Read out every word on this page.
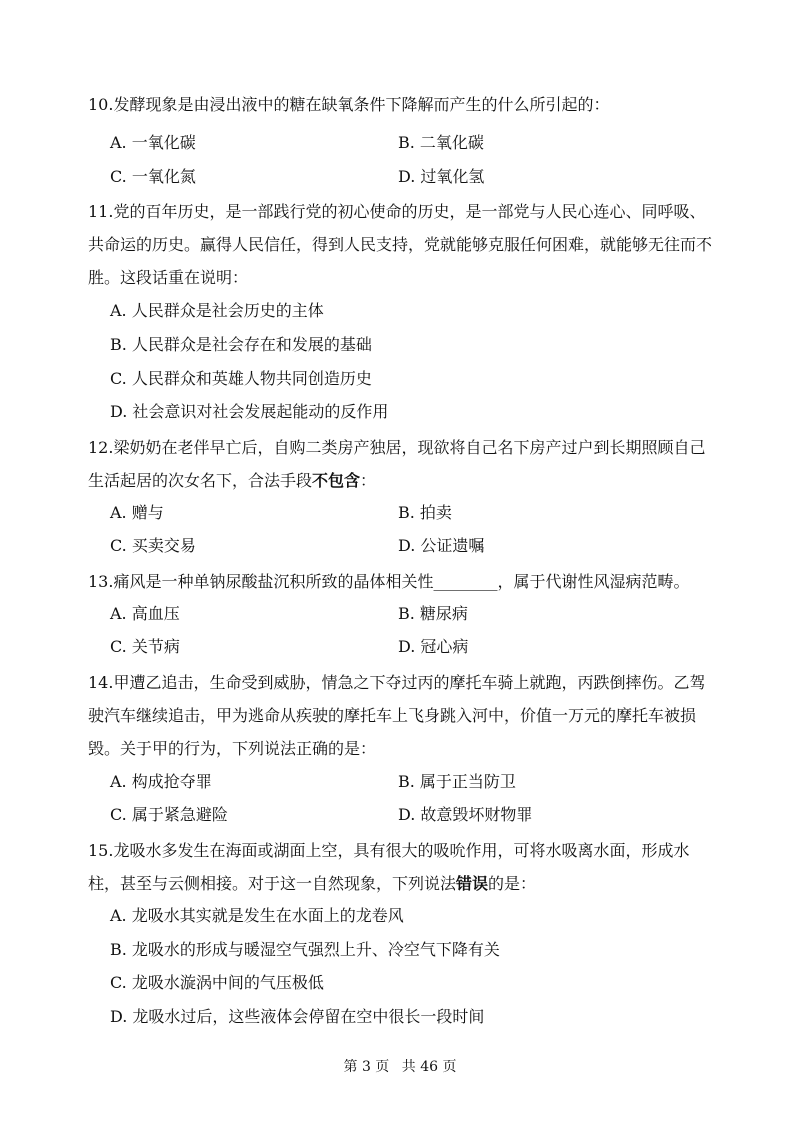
10.发酵现象是由浸出液中的糖在缺氧条件下降解而产生的什么所引起的：
A. 一氧化碳	B. 二氧化碳
C. 一氧化氮	D. 过氧化氢
11.党的百年历史，是一部践行党的初心使命的历史，是一部党与人民心连心、同呼吸、共命运的历史。赢得人民信任，得到人民支持，党就能够克服任何困难，就能够无往而不胜。这段话重在说明：
A. 人民群众是社会历史的主体
B. 人民群众是社会存在和发展的基础
C. 人民群众和英雄人物共同创造历史
D. 社会意识对社会发展起能动的反作用
12.梁奶奶在老伴早亡后，自购二类房产独居，现欲将自己名下房产过户到长期照顾自己生活起居的次女名下，合法手段不包含：
A. 赠与	B. 拍卖
C. 买卖交易	D. 公证遗嘱
13.痛风是一种单钠尿酸盐沉积所致的晶体相关性________，属于代谢性风湿病范畴。
A. 高血压	B. 糖尿病
C. 关节病	D. 冠心病
14.甲遭乙追击，生命受到威胁，情急之下夺过丙的摩托车骑上就跑，丙跌倒摔伤。乙驾驶汽车继续追击，甲为逃命从疾驶的摩托车上飞身跳入河中，价值一万元的摩托车被损毁。关于甲的行为，下列说法正确的是：
A. 构成抢夺罪	B. 属于正当防卫
C. 属于紧急避险	D. 故意毁坏财物罪
15.龙吸水多发生在海面或湖面上空，具有很大的吸吮作用，可将水吸离水面，形成水柱，甚至与云侧相接。对于这一自然现象，下列说法错误的是：
A. 龙吸水其实就是发生在水面上的龙卷风
B. 龙吸水的形成与暖湿空气强烈上升、冷空气下降有关
C. 龙吸水漩涡中间的气压极低
D. 龙吸水过后，这些液体会停留在空中很长一段时间
第 3 页 共 46 页
